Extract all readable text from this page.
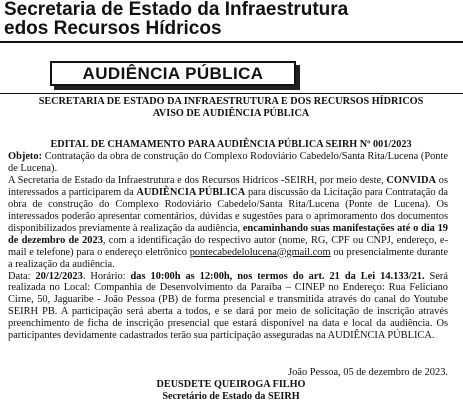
Secretaria de Estado da Infraestrutura
edos Recursos Hídricos
AUDIÊNCIA PÚBLICA
SECRETARIA DE ESTADO DA INFRAESTRUTURA E DOS RECURSOS HÍDRICOS
AVISO DE AUDIÊNCIA PÚBLICA
EDITAL DE CHAMAMENTO PARA AUDIÊNCIA PÚBLICA SEIRH Nº 001/2023

Objeto: Contratação da obra de construção do Complexo Rodoviário Cabedelo/Santa Rita/Lucena (Ponte de Lucena).

A Secretaria de Estado da Infraestrutura e dos Recursos Hídricos -SEIRH, por meio deste, CONVIDA os interessados a participarem da AUDIÊNCIA PÚBLICA para discussão da Licitação para Contratação da obra de construção do Complexo Rodoviário Cabedelo/Santa Rita/Lucena (Ponte de Lucena). Os interessados poderão apresentar comentários, dúvidas e sugestões para o aprimoramento dos documentos disponibilizados previamente à realização da audiência, encaminhando suas manifestações até o dia 19 de dezembro de 2023, com a identificação do respectivo autor (nome, RG, CPF ou CNPJ, endereço, e-mail e telefone) para o endereço eletrônico pontecabedelolucena@gmail.com ou presencialmente durante a realização da audiência.

Data: 20/12/2023. Horário: das 10:00h as 12:00h, nos termos do art. 21 da Lei 14.133/21. Será realizada no Local: Companhia de Desenvolvimento da Paraíba – CINEP no Endereço: Rua Feliciano Cirne, 50, Jaguaribe - João Pessoa (PB) de forma presencial e transmitida através do canal do Youtube SEIRH PB. A participação será aberta a todos, e se dará por meio de solicitação de inscrição através preenchimento de ficha de inscrição presencial que estará disponível na data e local da audiência. Os participantes devidamente cadastrados terão sua participação asseguradas na AUDIÊNCIA PÚBLICA.

João Pessoa, 05 de dezembro de 2023.
DEUSDETE QUEIROGA FILHO
Secretário de Estado da SEIRH
